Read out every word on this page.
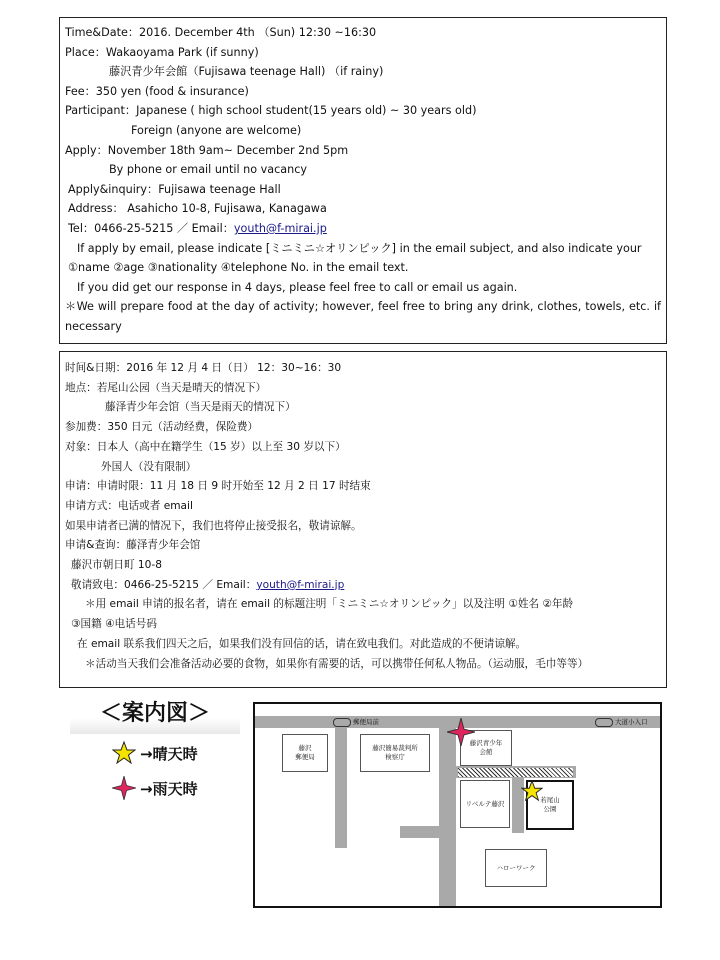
Time&Date：2016. December 4th （Sun) 12:30 ~16:30
Place：Wakaoyama Park (if sunny)
藤沢青少年会館（Fujisawa teenage Hall) （if rainy)
Fee：350 yen (food & insurance)
Participant：Japanese ( high school student(15 years old) ~ 30 years old)
Foreign (anyone are welcome)
Apply：November 18th 9am~ December 2nd 5pm
By phone or email until no vacancy
Apply&inquiry：Fujisawa teenage Hall
Address： Asahicho 10-8, Fujisawa, Kanagawa
Tel：0466-25-5215 ／ Email：youth@f-mirai.jp
If apply by email, please indicate [ミニミニ☆オリンピック] in the email subject, and also indicate your
①name ②age ③nationality ④telephone No. in the email text.
If you did get our response in 4 days, please feel free to call or email us again.
＊We will prepare food at the day of activity; however, feel free to bring any drink, clothes, towels, etc. if necessary
时间&日期：2016 年 12 月 4 日（日） 12：30~16：30
地点：若尾山公园（当天是晴天的情况下）
藤泽青少年会馆（当天是雨天的情况下）
参加费：350 日元（活动经费，保险费）
对象：日本人（高中在籍学生（15 岁）以上至 30 岁以下）
外国人（没有限制）
申请：申请时限：11 月 18 日 9 时开始至 12 月 2 日 17 时结束
申请方式：电话或者 email
如果申请者已满的情况下，我们也将停止接受报名，敬请谅解。
申请&查询：藤泽青少年会馆
藤沢市朝日町 10-8
敬请致电：0466-25-5215 ／ Email：youth@f-mirai.jp
＊用 email 申请的报名者，请在 email 的标题注明「ミニミニ☆オリンピック」以及注明 ①姓名 ②年龄
③国籍 ④电话号码
在 email 联系我们四天之后，如果我们没有回信的话，请在致电我们。对此造成的不便请谅解。
＊活动当天我们会准备活动必要的食物，如果你有需要的话，可以携带任何私人物品。（运动服，毛巾等等）
＜案内図＞
→晴天時
→雨天時
郵便局前	大道小入口
藤沢
郵便局
藤沢簡易裁判所
検察庁
藤沢青少年
会館
リベルテ藤沢	若尾山
公園
ハローワーク
